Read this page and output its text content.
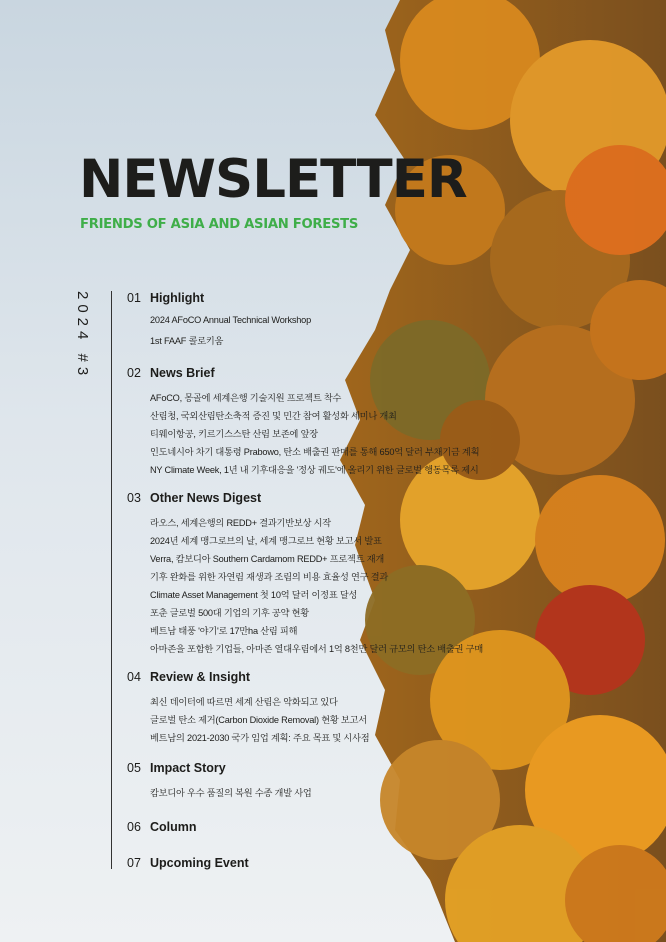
NEWSLETTER
FRIENDS OF ASIA AND ASIAN FORESTS
2024 #3	01 Highlight
2024 AFoCO Annual Technical Workshop
1st FAAF 콜로키움
02 News Brief
AFoCO, 몽골에 세계은행 기술지원 프로젝트 착수
산림청, 국외산림탄소축적 증진 및 민간 참여 활성화 세미나 개최
티웨이항공, 키르기스스탄 산림 보존에 앞장
인도네시아 차기 대통령 Prabowo, 탄소 배출권 판매를 통해 650억 달러 부채기금 계획
NY Climate Week, 1년 내 기후대응을 '정상 궤도'에 올리기 위한 글로벌 행동목록 제시
03 Other News Digest
라오스, 세계은행의 REDD+ 결과기반보상 시작
2024년 세계 맹그로브의 날, 세계 맹그로브 현황 보고서 발표
Verra, 캄보디아 Southern Cardamom REDD+ 프로젝트 재개
기후 완화를 위한 자연림 재생과 조림의 비용 효율성 연구 결과
Climate Asset Management 첫 10억 달러 이정표 달성
포춘 글로벌 500대 기업의 기후 공약 현황
베트남 태풍 '야기'로 17만ha 산림 피해
아마존을 포함한 기업들, 아마존 열대우림에서 1억 8천만 달러 규모의 탄소 배출권 구매
04 Review & Insight
최신 데이터에 따르면 세계 산림은 악화되고 있다
글로벌 탄소 제거(Carbon Dioxide Removal) 현황 보고서
베트남의 2021-2030 국가 임업 계획: 주요 목표 및 시사점
05 Impact Story
캄보디아 우수 품질의 복원 수종 개발 사업
06 Column
07 Upcoming Event
